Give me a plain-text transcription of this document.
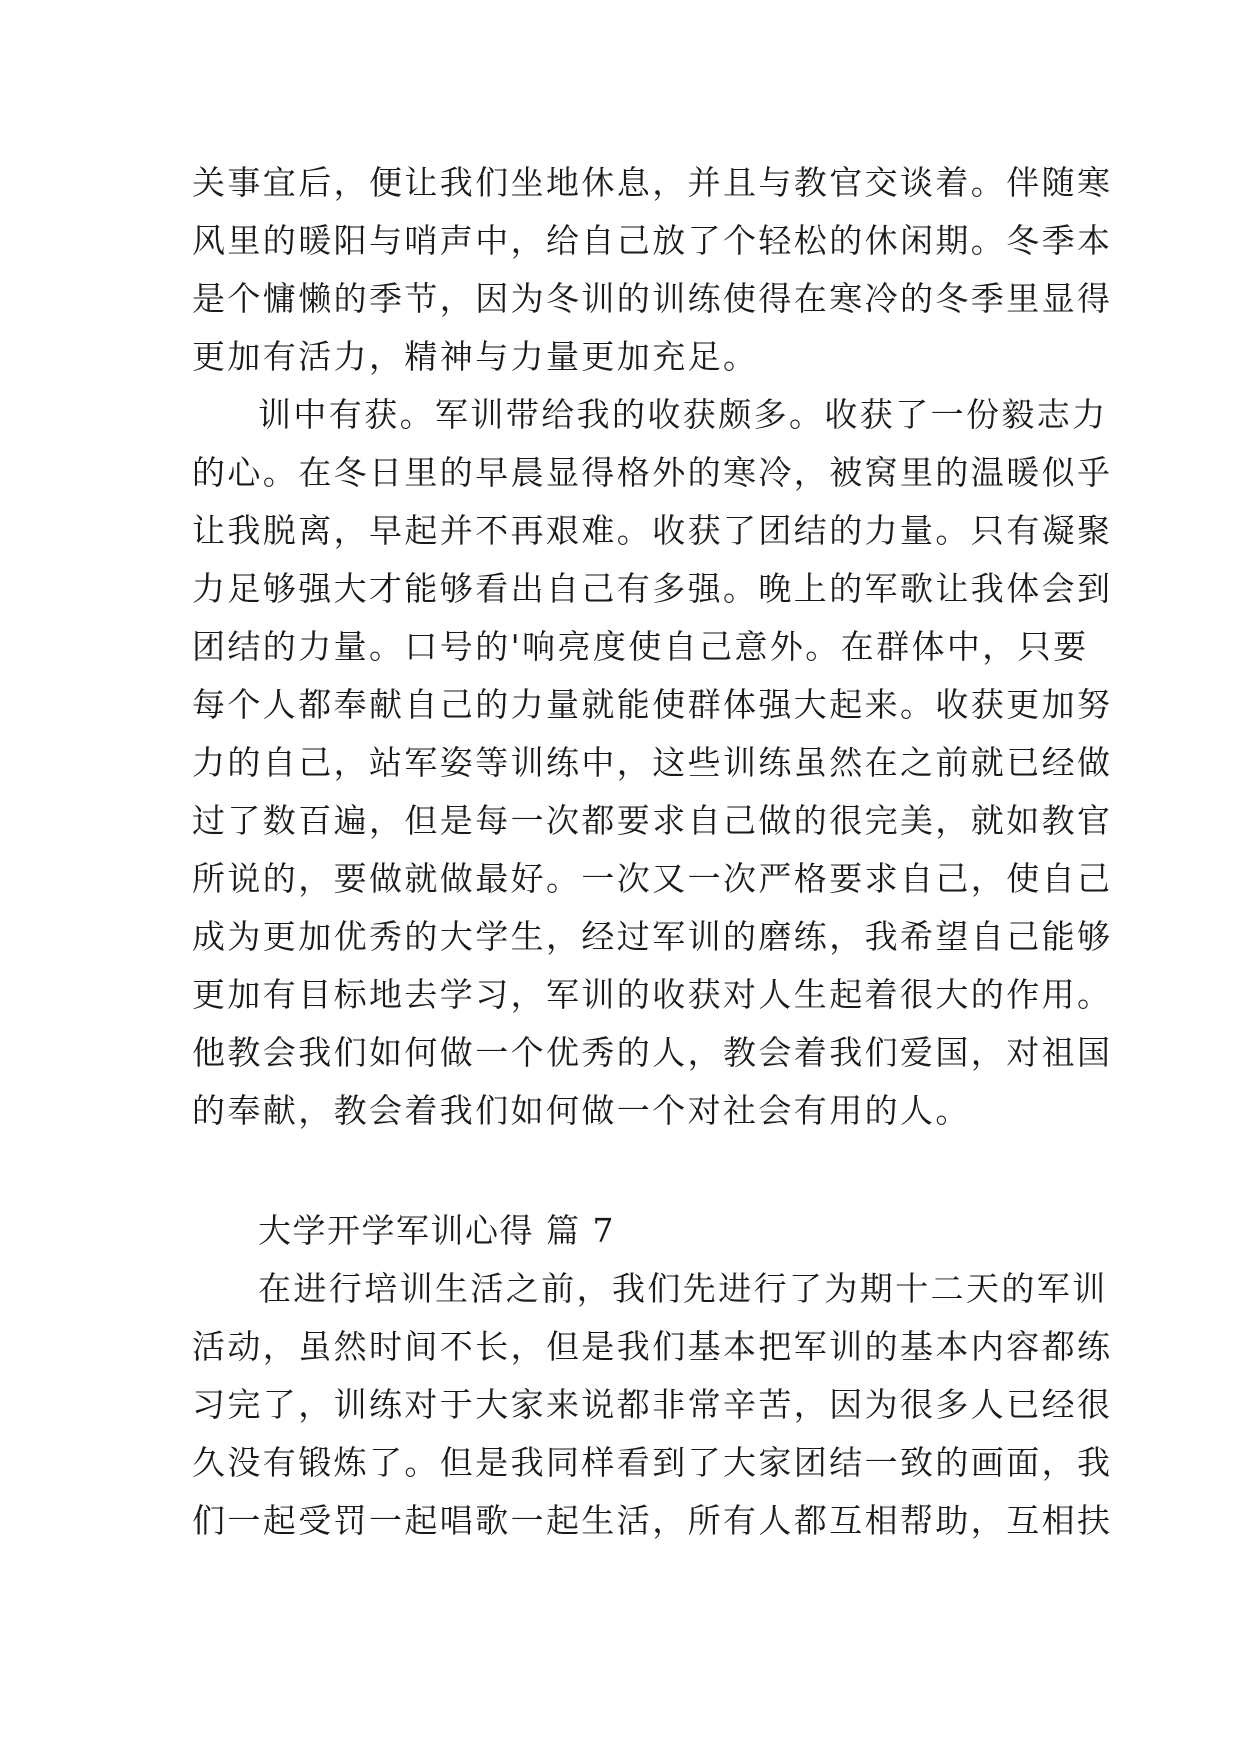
关事宜后，便让我们坐地休息，并且与教官交谈着。伴随寒
风里的暖阳与哨声中，给自己放了个轻松的休闲期。冬季本
是个慵懒的季节，因为冬训的训练使得在寒冷的冬季里显得
更加有活力，精神与力量更加充足。
训中有获。军训带给我的收获颇多。收获了一份毅志力
的心。在冬日里的早晨显得格外的寒冷，被窝里的温暖似乎
让我脱离，早起并不再艰难。收获了团结的力量。只有凝聚
力足够强大才能够看出自己有多强。晚上的军歌让我体会到
团结的力量。口号的'响亮度使自己意外。在群体中，只要
每个人都奉献自己的力量就能使群体强大起来。收获更加努
力的自己，站军姿等训练中，这些训练虽然在之前就已经做
过了数百遍，但是每一次都要求自己做的很完美，就如教官
所说的，要做就做最好。一次又一次严格要求自己，使自己
成为更加优秀的大学生，经过军训的磨练，我希望自己能够
更加有目标地去学习，军训的收获对人生起着很大的作用。
他教会我们如何做一个优秀的人，教会着我们爱国，对祖国
的奉献，教会着我们如何做一个对社会有用的人。
大学开学军训心得 篇 7
在进行培训生活之前，我们先进行了为期十二天的军训
活动，虽然时间不长，但是我们基本把军训的基本内容都练
习完了，训练对于大家来说都非常辛苦，因为很多人已经很
久没有锻炼了。但是我同样看到了大家团结一致的画面，我
们一起受罚一起唱歌一起生活，所有人都互相帮助，互相扶
